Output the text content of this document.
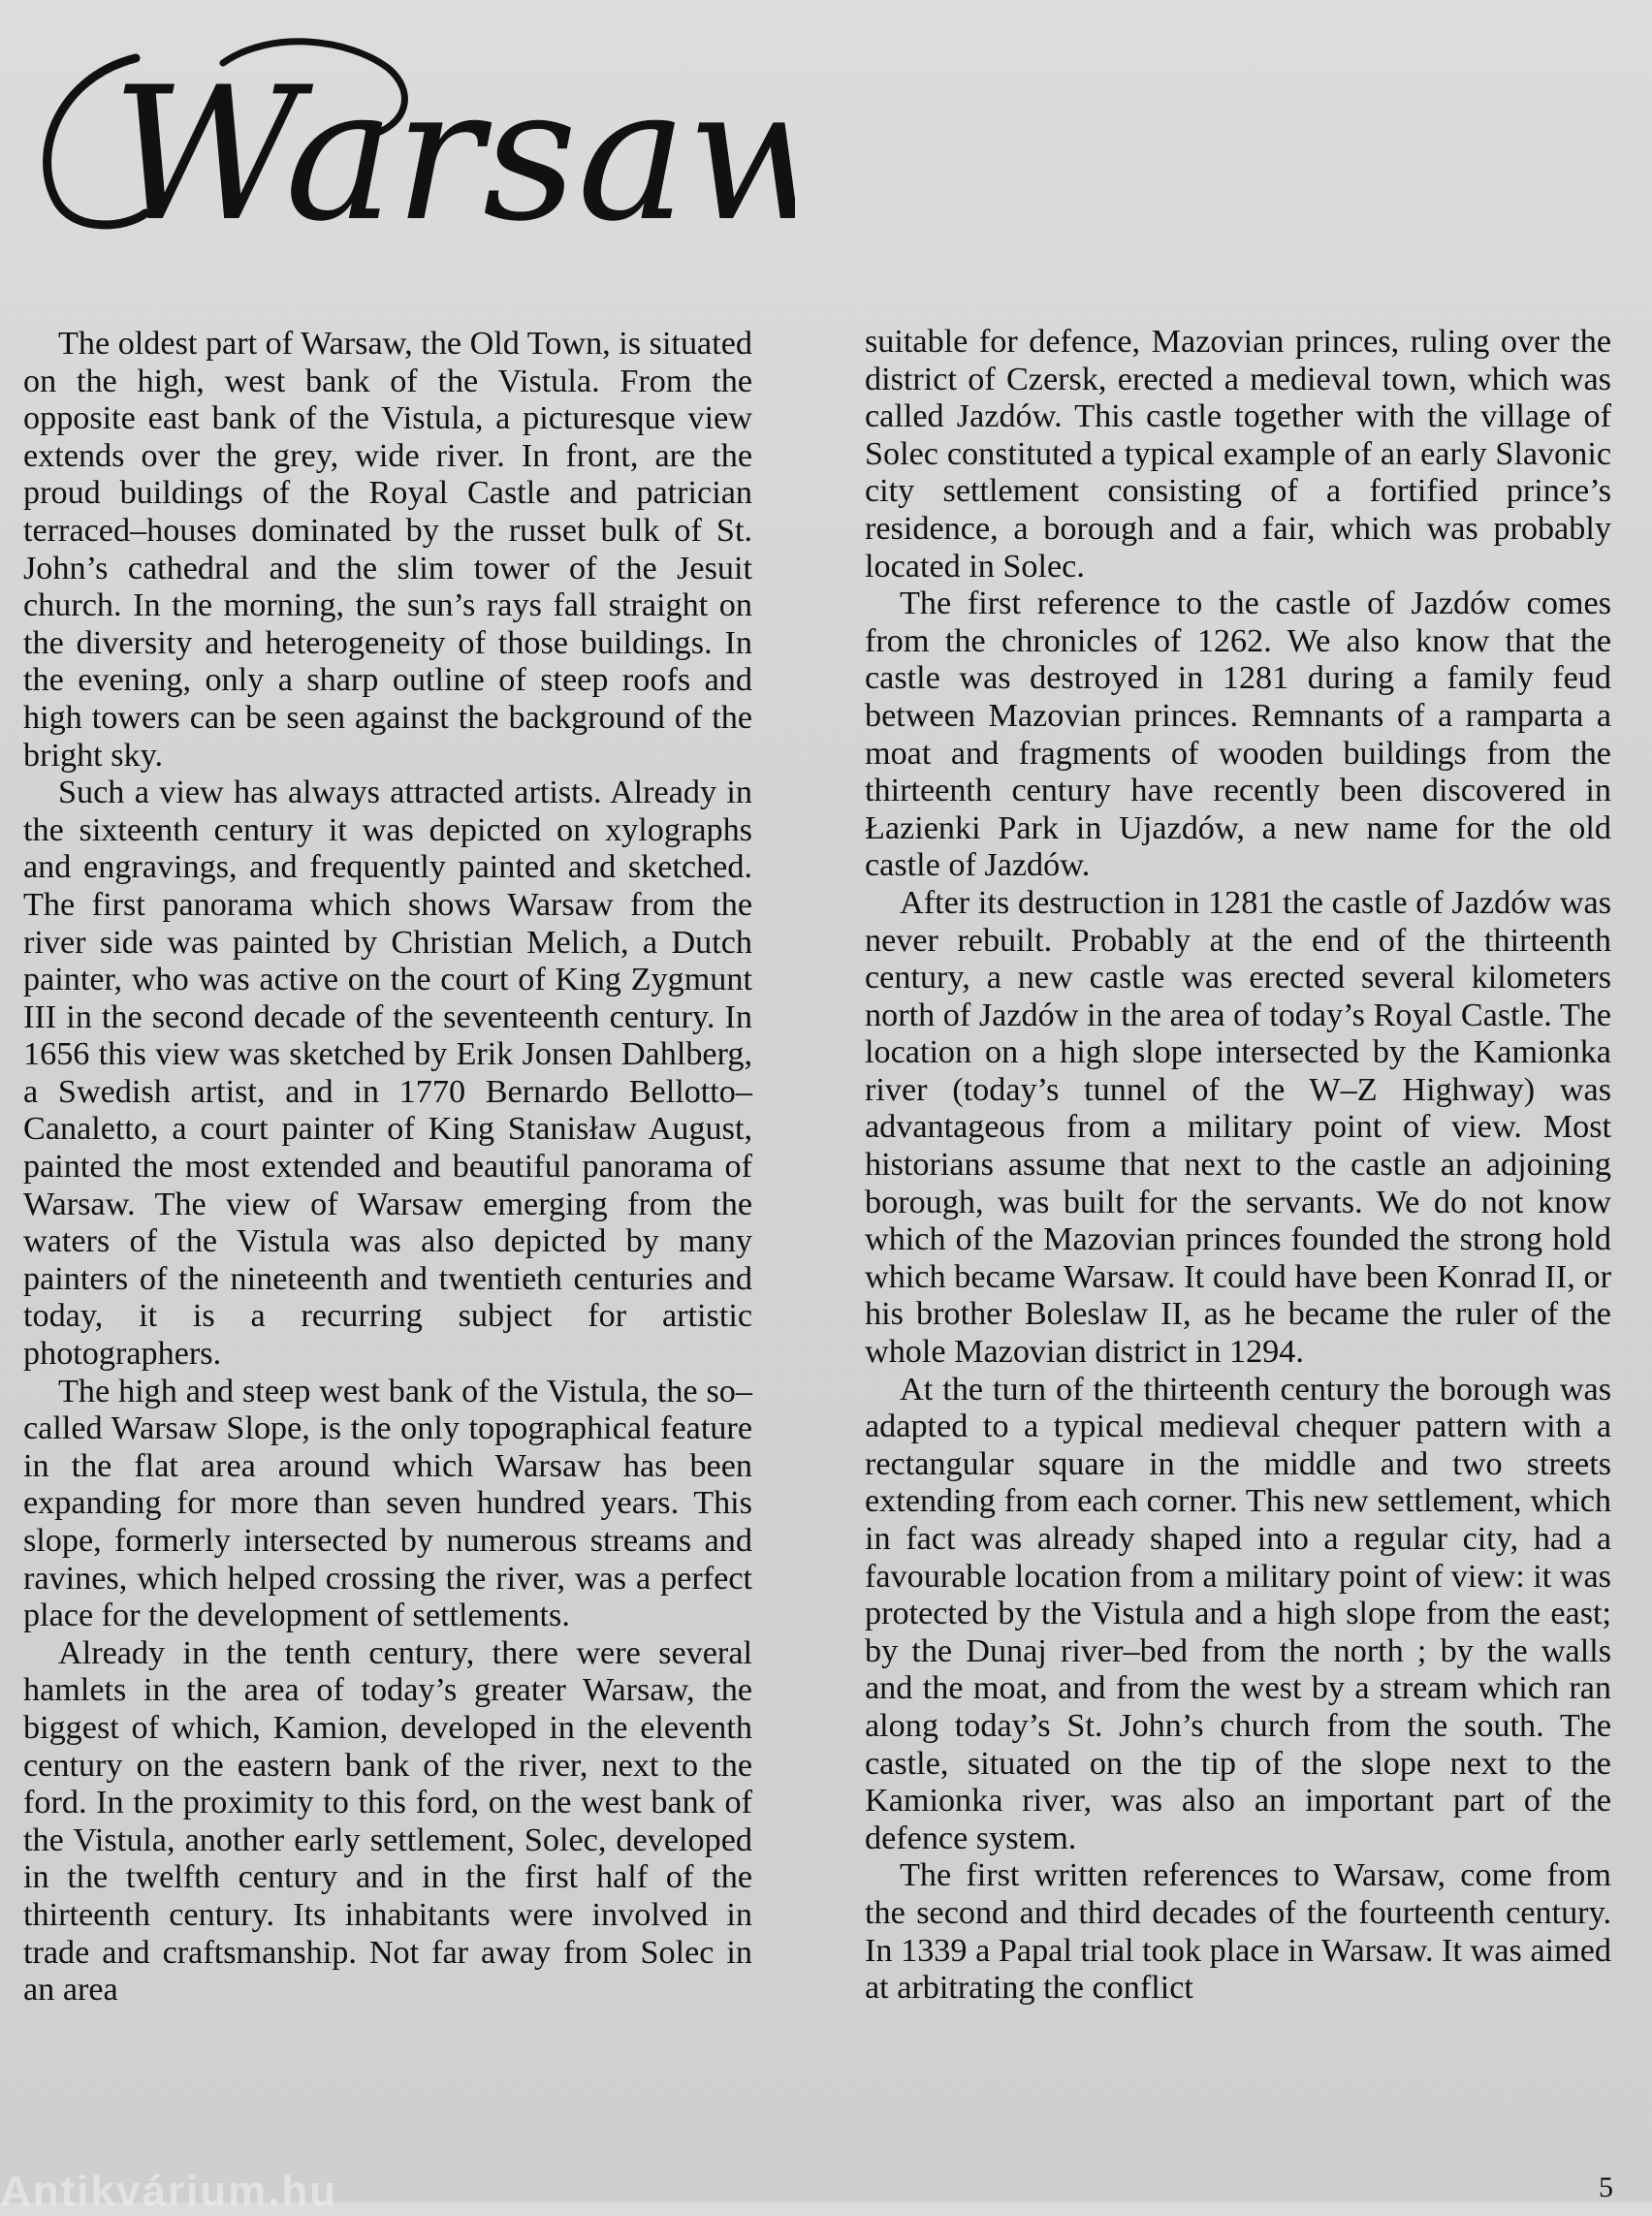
Warsaw

The oldest part of Warsaw, the Old Town, is situated on the high, west bank of the Vistula. From the opposite east bank of the Vistula, a picturesque view extends over the grey, wide river. In front, are the proud buildings of the Royal Castle and patrician terraced–houses dominated by the russet bulk of St. John’s cathedral and the slim tower of the Jesuit church. In the morning, the sun’s rays fall straight on the diversity and heterogeneity of those buildings. In the evening, only a sharp outline of steep roofs and high towers can be seen against the background of the bright sky.

Such a view has always attracted artists. Already in the sixteenth century it was depicted on xylographs and engravings, and frequently painted and sketched. The first panorama which shows Warsaw from the river side was painted by Christian Melich, a Dutch painter, who was active on the court of King Zygmunt III in the second decade of the seventeenth century. In 1656 this view was sketched by Erik Jonsen Dahlberg, a Swedish artist, and in 1770 Bernardo Bellotto–Canaletto, a court painter of King Stanisław August, painted the most extended and beautiful panorama of Warsaw. The view of Warsaw emerging from the waters of the Vistula was also depicted by many painters of the nineteenth and twentieth centuries and today, it is a recurring subject for artistic photographers.

The high and steep west bank of the Vistula, the so–called Warsaw Slope, is the only topographical feature in the flat area around which Warsaw has been expanding for more than seven hundred years. This slope, formerly intersected by numerous streams and ravines, which helped crossing the river, was a perfect place for the development of settlements.

Already in the tenth century, there were several hamlets in the area of today’s greater Warsaw, the biggest of which, Kamion, developed in the eleventh century on the eastern bank of the river, next to the ford. In the proximity to this ford, on the west bank of the Vistula, another early settlement, Solec, developed in the twelfth century and in the first half of the thirteenth century. Its inhabitants were involved in trade and craftsmanship. Not far away from Solec in an area

suitable for defence, Mazovian princes, ruling over the district of Czersk, erected a medieval town, which was called Jazdów. This castle together with the village of Solec constituted a typical example of an early Slavonic city settlement consisting of a fortified prince’s residence, a borough and a fair, which was probably located in Solec.

The first reference to the castle of Jazdów comes from the chronicles of 1262. We also know that the castle was destroyed in 1281 during a family feud between Mazovian princes. Remnants of a ramparta a moat and fragments of wooden buildings from the thirteenth century have recently been discovered in Łazienki Park in Ujazdów, a new name for the old castle of Jazdów.

After its destruction in 1281 the castle of Jazdów was never rebuilt. Probably at the end of the thirteenth century, a new castle was erected several kilometers north of Jazdów in the area of today’s Royal Castle. The location on a high slope intersected by the Kamionka river (today’s tunnel of the W–Z Highway) was advantageous from a military point of view. Most historians assume that next to the castle an adjoining borough, was built for the servants. We do not know which of the Mazovian princes founded the strong hold which became Warsaw. It could have been Konrad II, or his brother Boleslaw II, as he became the ruler of the whole Mazovian district in 1294.

At the turn of the thirteenth century the borough was adapted to a typical medieval chequer pattern with a rectangular square in the middle and two streets extending from each corner. This new settlement, which in fact was already shaped into a regular city, had a favourable location from a military point of view: it was protected by the Vistula and a high slope from the east; by the Dunaj river–bed from the north ; by the walls and the moat, and from the west by a stream which ran along today’s St. John’s church from the south. The castle, situated on the tip of the slope next to the Kamionka river, was also an important part of the defence system.

The first written references to Warsaw, come from the second and third decades of the fourteenth century. In 1339 a Papal trial took place in Warsaw. It was aimed at arbitrating the conflict

Antikvárium.hu	5
